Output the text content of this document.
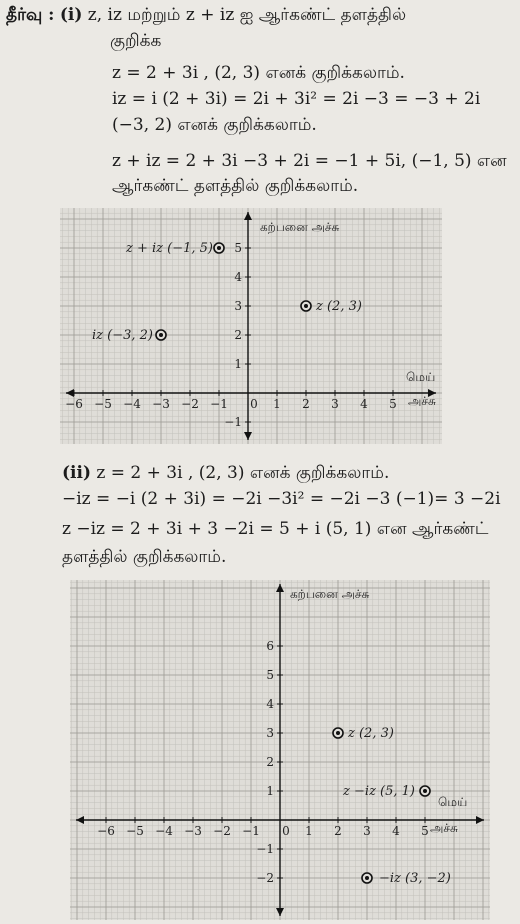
தீர்வு : (i) z, iz மற்றும் z + iz ஐ ஆர்கண்ட் தளத்தில்
குறிக்க
z = 2 + 3i , (2, 3) எனக் குறிக்கலாம்.
iz = i (2 + 3i) = 2i + 3i² = 2i −3 = −3 + 2i
(−3, 2) எனக் குறிக்கலாம்.
z + iz = 2 + 3i −3 + 2i = −1 + 5i, (−1, 5) என
ஆர்கண்ட் தளத்தில் குறிக்கலாம்.
−6 −5 −4 −3 −2 −1 0 1 2 3 4 5
−1
1
2
3
4
5
கற்பனை அச்சு
மெய்
அச்சு
z + iz (−1, 5)
z (2, 3)
iz (−3, 2)
(ii) z = 2 + 3i , (2, 3) எனக் குறிக்கலாம்.
−iz = −i (2 + 3i) = −2i −3i² = −2i −3 (−1)= 3 −2i
z −iz = 2 + 3i + 3 −2i = 5 + i (5, 1) என ஆர்கண்ட்
தளத்தில் குறிக்கலாம்.
−6 −5 −4 −3 −2 −1 0 1 2 3 4 5
−2
−1
1
2
3
4
5
6
கற்பனை அச்சு
மெய்
அச்சு
z (2, 3)
z −iz (5, 1)
−iz (3, −2)
